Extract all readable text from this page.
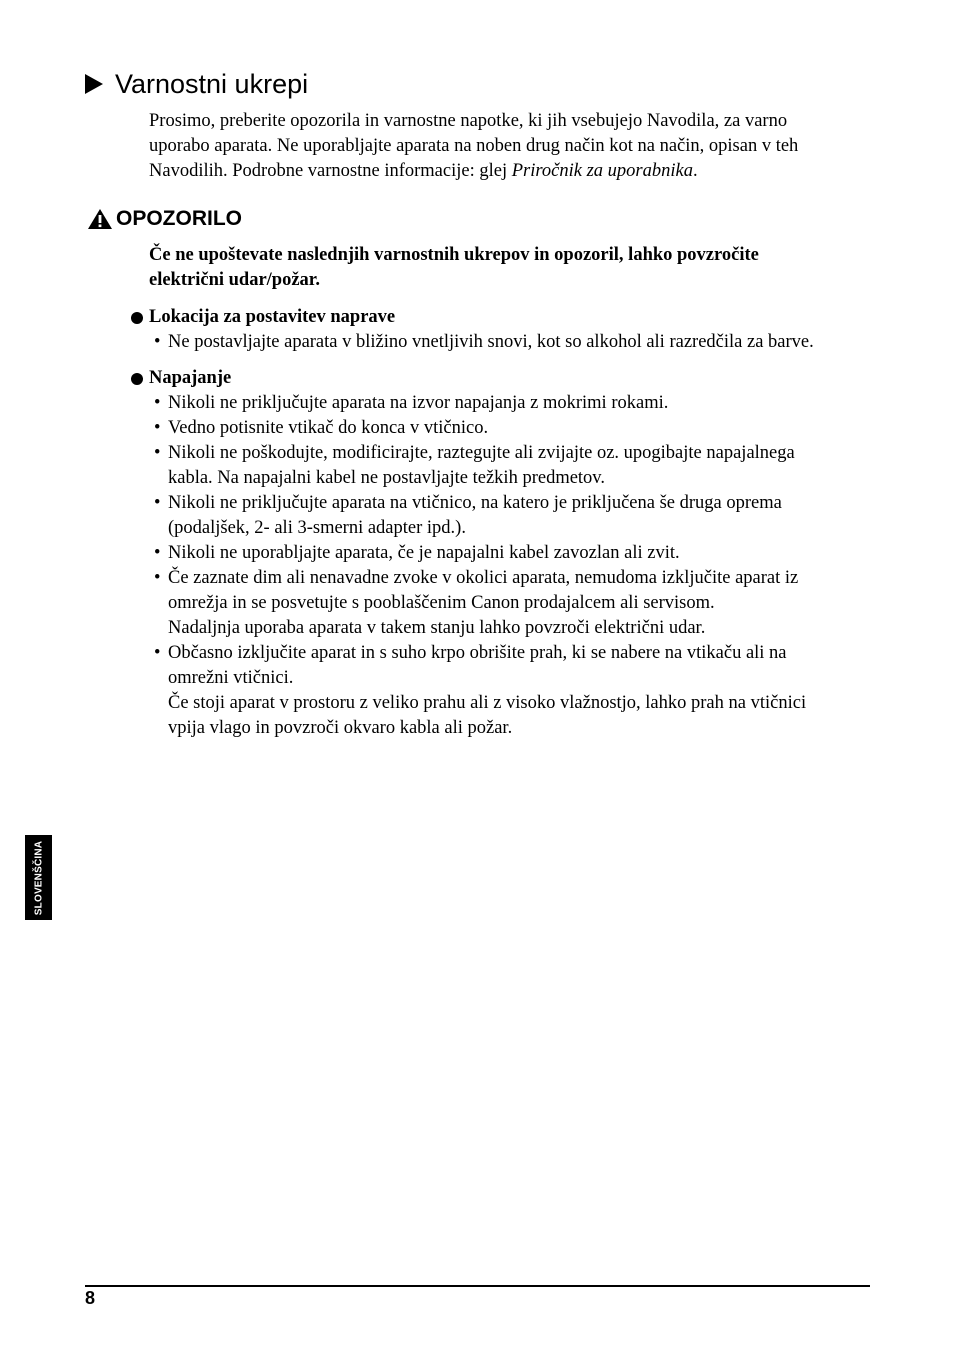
Varnostni ukrepi
Prosimo, preberite opozorila in varnostne napotke, ki jih vsebujejo Navodila, za varno
uporabo aparata. Ne uporabljajte aparata na noben drug način kot na način, opisan v teh
Navodilih. Podrobne varnostne informacije: glej Priročnik za uporabnika.
OPOZORILO
Če ne upoštevate naslednjih varnostnih ukrepov in opozoril, lahko povzročite
električni udar/požar.
Lokacija za postavitev naprave
• Ne postavljajte aparata v bližino vnetljivih snovi, kot so alkohol ali razredčila za barve.
Napajanje
• Nikoli ne priključujte aparata na izvor napajanja z mokrimi rokami.
• Vedno potisnite vtikač do konca v vtičnico.
• Nikoli ne poškodujte, modificirajte, raztegujte ali zvijajte oz. upogibajte napajalnega
kabla. Na napajalni kabel ne postavljajte težkih predmetov.
• Nikoli ne priključujte aparata na vtičnico, na katero je priključena še druga oprema
(podaljšek, 2- ali 3-smerni adapter ipd.).
• Nikoli ne uporabljajte aparata, če je napajalni kabel zavozlan ali zvit.
• Če zaznate dim ali nenavadne zvoke v okolici aparata, nemudoma izključite aparat iz
omrežja in se posvetujte s pooblaščenim Canon prodajalcem ali servisom.
Nadaljnja uporaba aparata v takem stanju lahko povzroči električni udar.
• Občasno izključite aparat in s suho krpo obrišite prah, ki se nabere na vtikaču ali na
omrežni vtičnici.
Če stoji aparat v prostoru z veliko prahu ali z visoko vlažnostjo, lahko prah na vtičnici
vpija vlago in povzroči okvaro kabla ali požar.
SLOVENŠČINA
8
